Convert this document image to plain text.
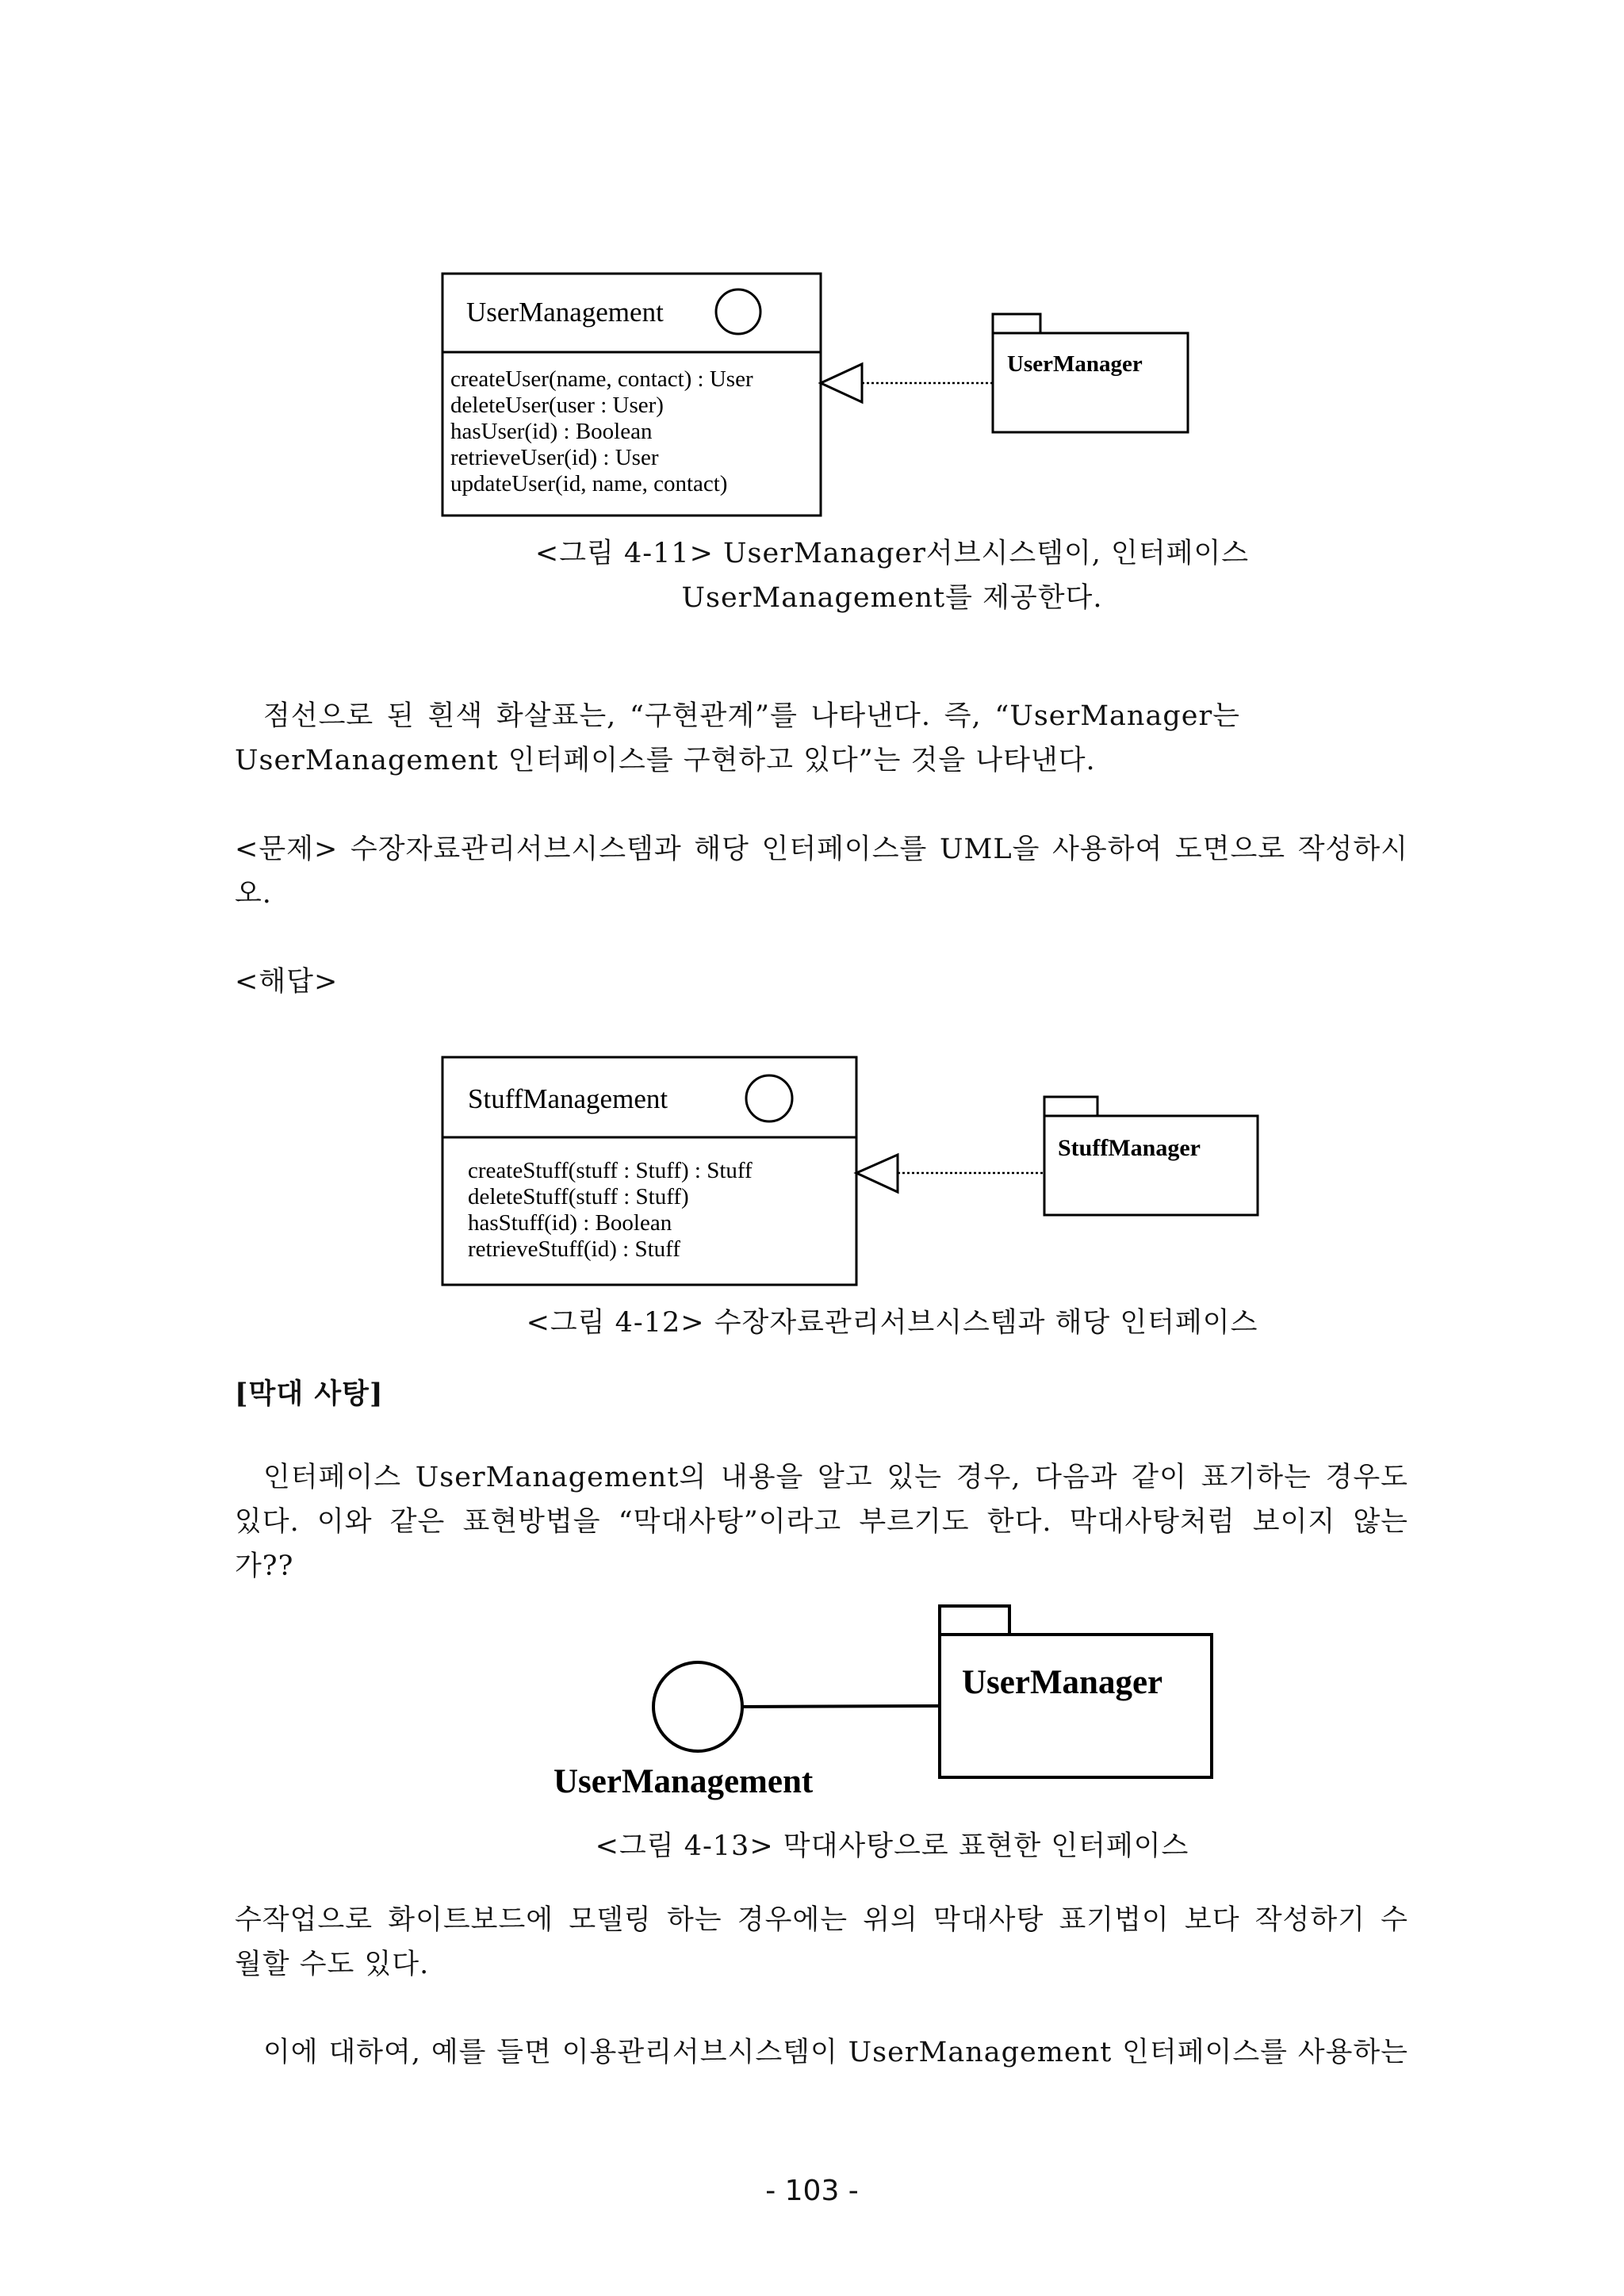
UserManagement
createUser(name, contact) : User
deleteUser(user : User)
hasUser(id) : Boolean
retrieveUser(id) : User
updateUser(id, name, contact)
UserManager
<그림 4-11> UserManager서브시스템이, 인터페이스
UserManagement를 제공한다.
점선으로 된 흰색 화살표는, “구현관계”를 나타낸다. 즉, “UserManager는
UserManagement 인터페이스를 구현하고 있다”는 것을 나타낸다.
<문제> 수장자료관리서브시스템과 해당 인터페이스를 UML을 사용하여 도면으로 작성하시
오.
<해답>
StuffManagement
createStuff(stuff : Stuff) : Stuff
deleteStuff(stuff : Stuff)
hasStuff(id) : Boolean
retrieveStuff(id) : Stuff
StuffManager
<그림 4-12> 수장자료관리서브시스템과 해당 인터페이스
[막대 사탕]
인터페이스 UserManagement의 내용을 알고 있는 경우, 다음과 같이 표기하는 경우도
있다. 이와 같은 표현방법을 “막대사탕”이라고 부르기도 한다. 막대사탕처럼 보이지 않는
가??
UserManager
UserManagement
<그림 4-13> 막대사탕으로 표현한 인터페이스
수작업으로 화이트보드에 모델링 하는 경우에는 위의 막대사탕 표기법이 보다 작성하기 수
월할 수도 있다.
이에 대하여, 예를 들면 이용관리서브시스템이 UserManagement 인터페이스를 사용하는
- 103 -
